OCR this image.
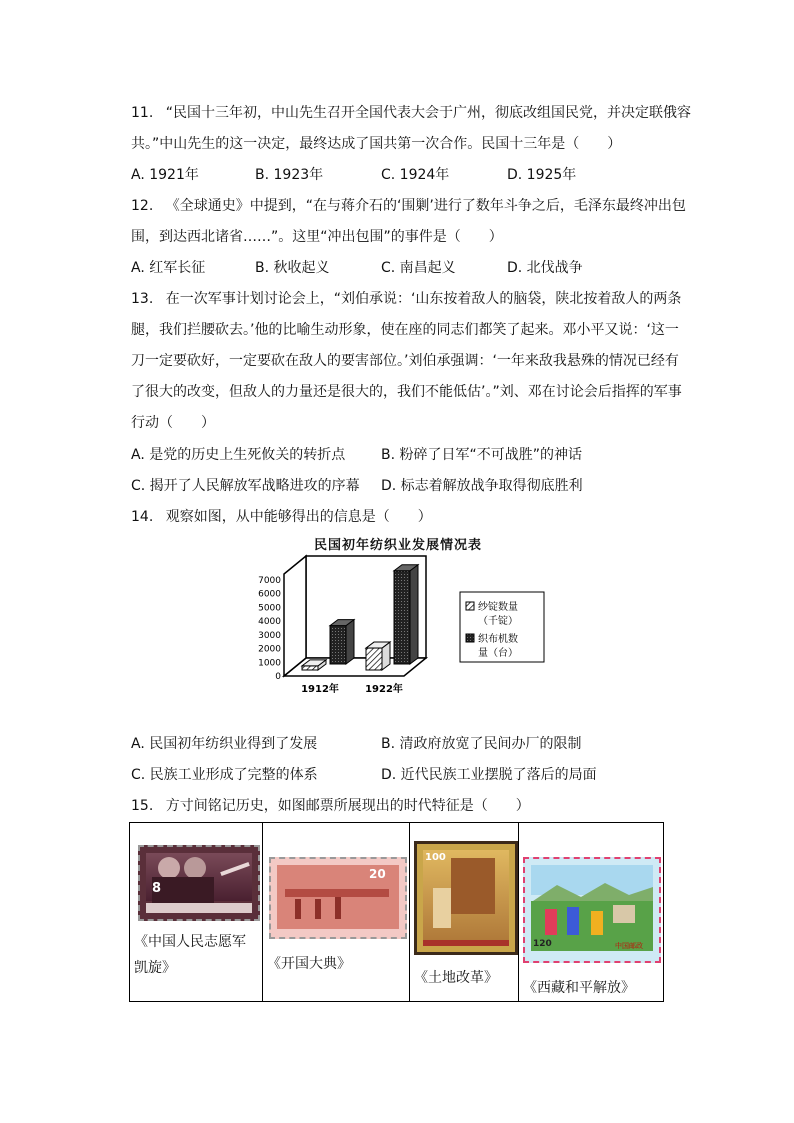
11. “民国十三年初，中山先生召开全国代表大会于广州，彻底改组国民党，并决定联俄容共。”中山先生的这一决定，最终达成了国共第一次合作。民国十三年是（　　）
A. 1921年	B. 1923年	C. 1924年	D. 1925年
12. 《全球通史》中提到，“在与蒋介石的‘围剿’进行了数年斗争之后，毛泽东最终冲出包围，到达西北诸省……”。这里“冲出包围”的事件是（　　）
A. 红军长征	B. 秋收起义	C. 南昌起义	D. 北伐战争
13. 在一次军事计划讨论会上，“刘伯承说：‘山东按着敌人的脑袋，陕北按着敌人的两条腿，我们拦腰砍去。’他的比喻生动形象，使在座的同志们都笑了起来。邓小平又说：‘这一刀一定要砍好，一定要砍在敌人的要害部位。’刘伯承强调：‘一年来敌我悬殊的情况已经有了很大的改变，但敌人的力量还是很大的，我们不能低估’。”刘、邓在讨论会后指挥的军事行动（　　）
A. 是党的历史上生死攸关的转折点	B. 粉碎了日军“不可战胜”的神话
C. 揭开了人民解放军战略进攻的序幕 D. 标志着解放战争取得彻底胜利
14. 观察如图，从中能够得出的信息是（　　）
民国初年纺织业发展情况表
0
1000
2000
3000
4000
5000
6000
7000
1912年	1922年
纱锭数量
（千锭）
织布机数
量（台）
A. 民国初年纺织业得到了发展	B. 清政府放宽了民间办厂的限制
C. 民族工业形成了完整的体系	D. 近代民族工业摆脱了落后的局面
15. 方寸间铭记历史，如图邮票所展现出的时代特征是（　　）
8
《中国人民志愿军
凯旋》

20
《开国大典》

100
《土地改革》

120	中国邮政
《西藏和平解放》
